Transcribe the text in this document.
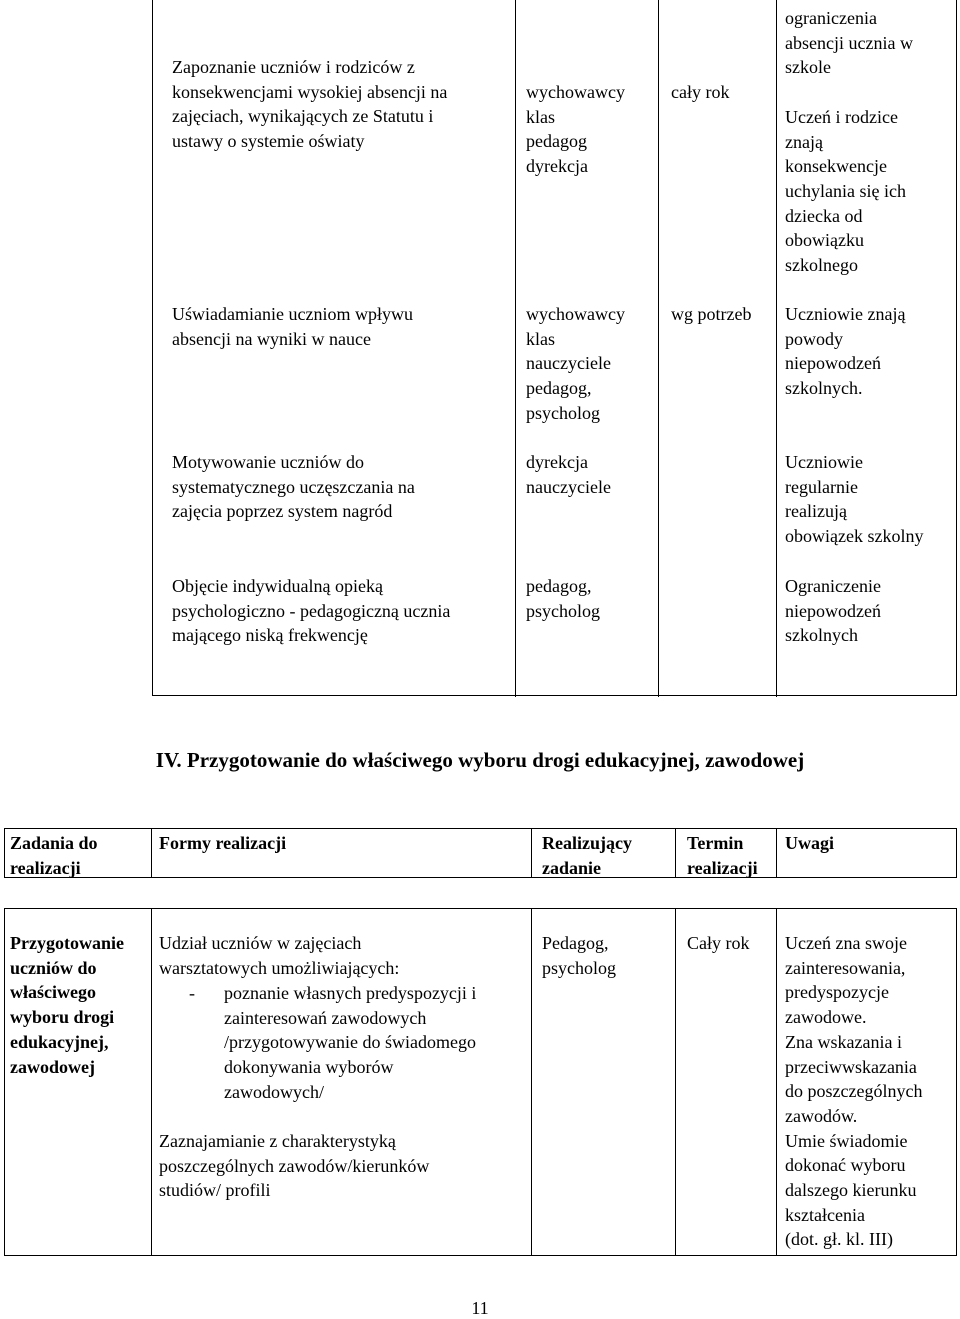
Zapoznanie uczniów i rodziców z
konsekwencjami wysokiej absencji na
zajęciach, wynikających ze Statutu i
ustawy o systemie oświaty
wychowawcy
klas
pedagog
dyrekcja
cały rok
ograniczenia
absencji ucznia w
szkole

Uczeń i rodzice
znają
konsekwencje
uchylania się ich
dziecka od
obowiązku
szkolnego
Uświadamianie uczniom wpływu
absencji na wyniki w nauce
wychowawcy
klas
nauczyciele
pedagog,
psycholog
wg potrzeb Uczniowie znają
powody
niepowodzeń
szkolnych.
Motywowanie uczniów do
systematycznego uczęszczania na
zajęcia poprzez system nagród
dyrekcja
nauczyciele
Uczniowie
regularnie
realizują
obowiązek szkolny
Objęcie indywidualną opieką
psychologiczno - pedagogiczną ucznia
mającego niską frekwencję
pedagog,
psycholog
Ograniczenie
niepowodzeń
szkolnych
IV. Przygotowanie do właściwego wyboru drogi edukacyjnej, zawodowej
Zadania do
realizacji
Formy realizacji	Realizujący
zadanie
Termin
realizacji
Uwagi
Przygotowanie
uczniów do
właściwego
wyboru drogi
edukacyjnej,
zawodowej
Udział uczniów w zajęciach
warsztatowych umożliwiających:
- poznanie własnych predyspozycji i
zainteresowań zawodowych
/przygotowywanie do świadomego
dokonywania wyborów
zawodowych/
Zaznajamianie z charakterystyką
poszczególnych zawodów/kierunków
studiów/ profili
Pedagog,
psycholog
Cały rok Uczeń zna swoje
zainteresowania,
predyspozycje
zawodowe.
Zna wskazania i
przeciwwskazania
do poszczególnych
zawodów.
Umie świadomie
dokonać wyboru
dalszego kierunku
kształcenia
(dot. gł. kl. III)
11
